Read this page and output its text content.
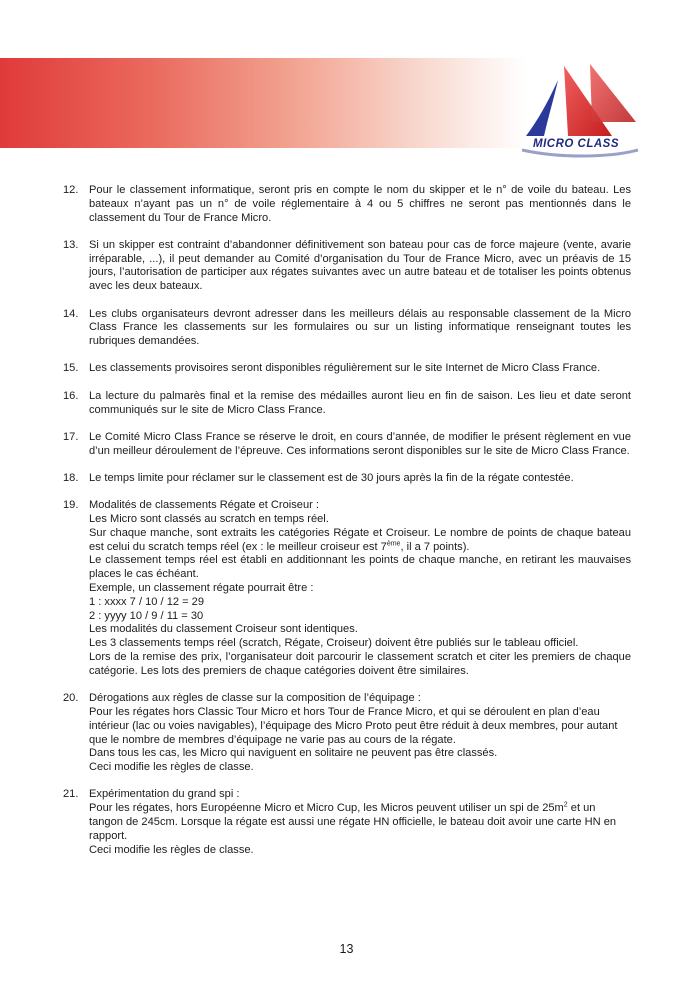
MICRO CLASS
12. Pour le classement informatique, seront pris en compte le nom du skipper et le n° de voile du bateau. Les bateaux n’ayant pas un n° de voile réglementaire à 4 ou 5 chiffres ne seront pas mentionnés dans le classement du Tour de France Micro.
13. Si un skipper est contraint d’abandonner définitivement son bateau pour cas de force majeure (vente, avarie irréparable, ...), il peut demander au Comité d’organisation du Tour de France Micro, avec un préavis de 15 jours, l’autorisation de participer aux régates suivantes avec un autre bateau et de totaliser les points obtenus avec les deux bateaux.
14. Les clubs organisateurs devront adresser dans les meilleurs délais au responsable classement de la Micro Class France les classements sur les formulaires ou sur un listing informatique renseignant toutes les rubriques demandées.
15. Les classements provisoires seront disponibles régulièrement sur le site Internet de Micro Class France.
16. La lecture du palmarès final et la remise des médailles auront lieu en fin de saison. Les lieu et date seront communiqués sur le site de Micro Class France.
17. Le Comité Micro Class France se réserve le droit, en cours d’année, de modifier le présent règlement en vue d’un meilleur déroulement de l’épreuve. Ces informations seront disponibles sur le site de Micro Class France.
18. Le temps limite pour réclamer sur le classement est de 30 jours après la fin de la régate contestée.
19. Modalités de classements Régate et Croiseur :
Les Micro sont classés au scratch en temps réel.
Sur chaque manche, sont extraits les catégories Régate et Croiseur. Le nombre de points de chaque bateau est celui du scratch temps réel (ex : le meilleur croiseur est 7ème, il a 7 points).
Le classement temps réel est établi en additionnant les points de chaque manche, en retirant les mauvaises places le cas échéant.
Exemple, un classement régate pourrait être :
1 : xxxx 7 / 10 / 12 = 29
2 : yyyy 10 / 9 / 11 = 30
Les modalités du classement Croiseur sont identiques.
Les 3 classements temps réel (scratch, Régate, Croiseur) doivent être publiés sur le tableau officiel.
Lors de la remise des prix, l’organisateur doit parcourir le classement scratch et citer les premiers de chaque catégorie. Les lots des premiers de chaque catégories doivent être similaires.
20. Dérogations aux règles de classe sur la composition de l’équipage :
Pour les régates hors Classic Tour Micro et hors Tour de France Micro, et qui se déroulent en plan d’eau intérieur (lac ou voies navigables), l’équipage des Micro Proto peut être réduit à deux membres, pour autant que le nombre de membres d’équipage ne varie pas au cours de la régate.
Dans tous les cas, les Micro qui naviguent en solitaire ne peuvent pas être classés.
Ceci modifie les règles de classe.
21. Expérimentation du grand spi :
Pour les régates, hors Européenne Micro et Micro Cup, les Micros peuvent utiliser un spi de $25m^2$ et un tangon de 245cm. Lorsque la régate est aussi une régate HN officielle, le bateau doit avoir une carte HN en rapport.
Ceci modifie les règles de classe.
13
